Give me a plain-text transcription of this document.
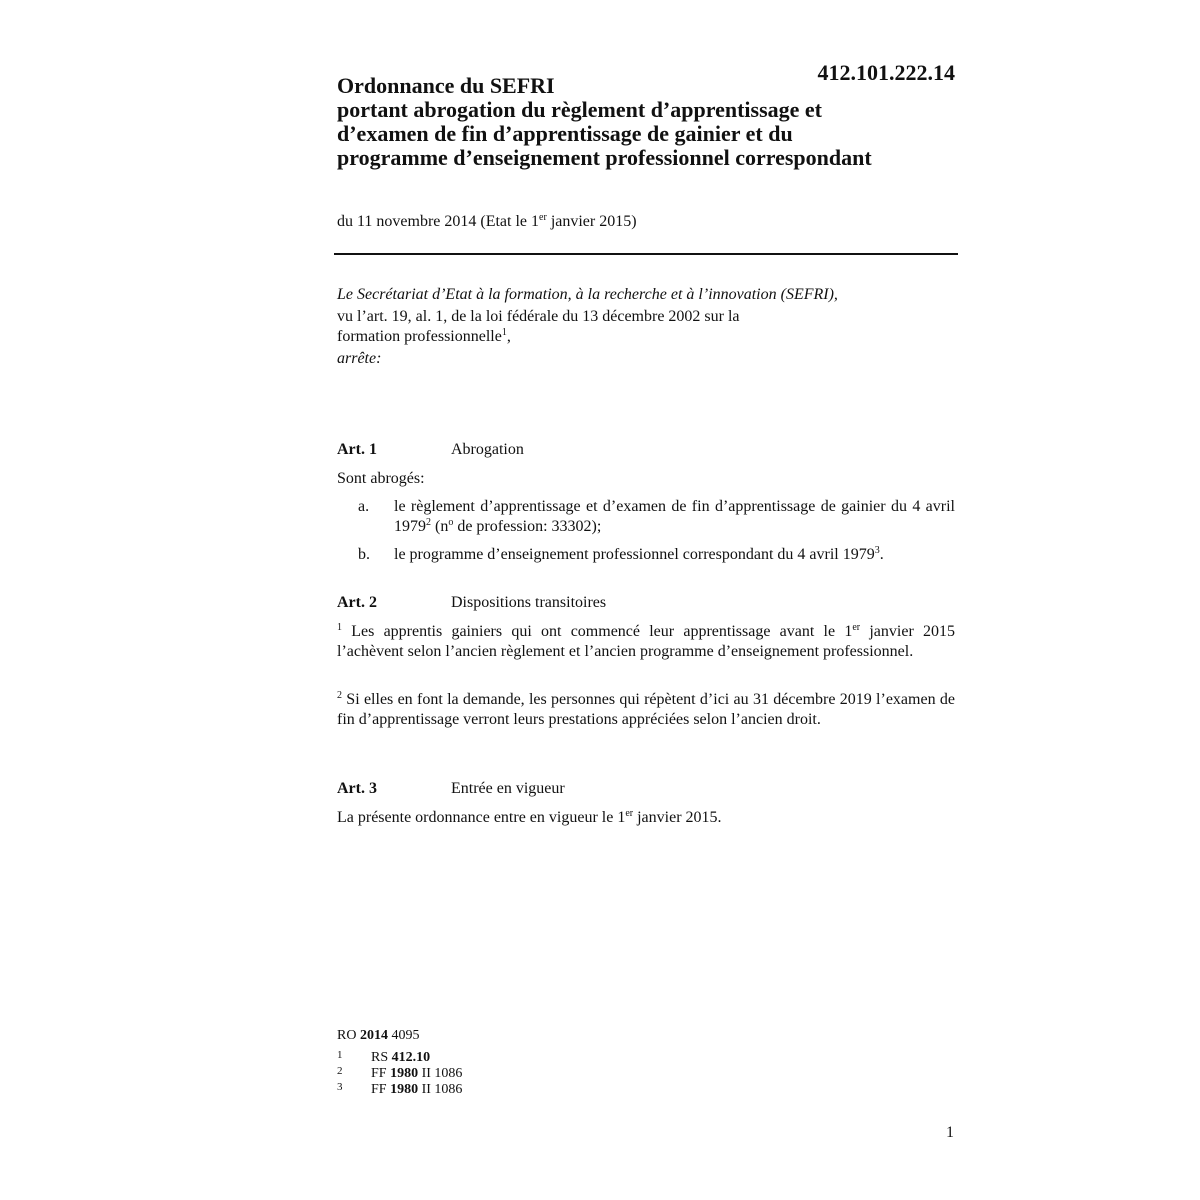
412.101.222.14
Ordonnance du SEFRI
portant abrogation du règlement d’apprentissage et
d’examen de fin d’apprentissage de gainier et du
programme d’enseignement professionnel correspondant
du 11 novembre 2014 (Etat le 1er janvier 2015)
Le Secrétariat d’Etat à la formation, à la recherche et à l’innovation (SEFRI),
vu l’art. 19, al. 1, de la loi fédérale du 13 décembre 2002 sur la
formation professionnelle$^1$,
arrête:
Art. 1	Abrogation
Sont abrogés:
a. le règlement d’apprentissage et d’examen de fin d’apprentissage de gainier du 4 avril 1979$^2$ ($n^o$ de profession: 33302);
b. le programme d’enseignement professionnel correspondant du 4 avril 1979$^3$.
Art. 2	Dispositions transitoires
$^1$ Les apprentis gainiers qui ont commencé leur apprentissage avant le 1er janvier 2015 l’achèvent selon l’ancien règlement et l’ancien programme d’enseignement professionnel.
$^2$ Si elles en font la demande, les personnes qui répètent d’ici au 31 décembre 2019 l’examen de fin d’apprentissage verront leurs prestations appréciées selon l’ancien droit.
Art. 3	Entrée en vigueur
La présente ordonnance entre en vigueur le 1er janvier 2015.
RO 2014 4095
1 RS 412.10
2 FF 1980 II 1086
3 FF 1980 II 1086
1
